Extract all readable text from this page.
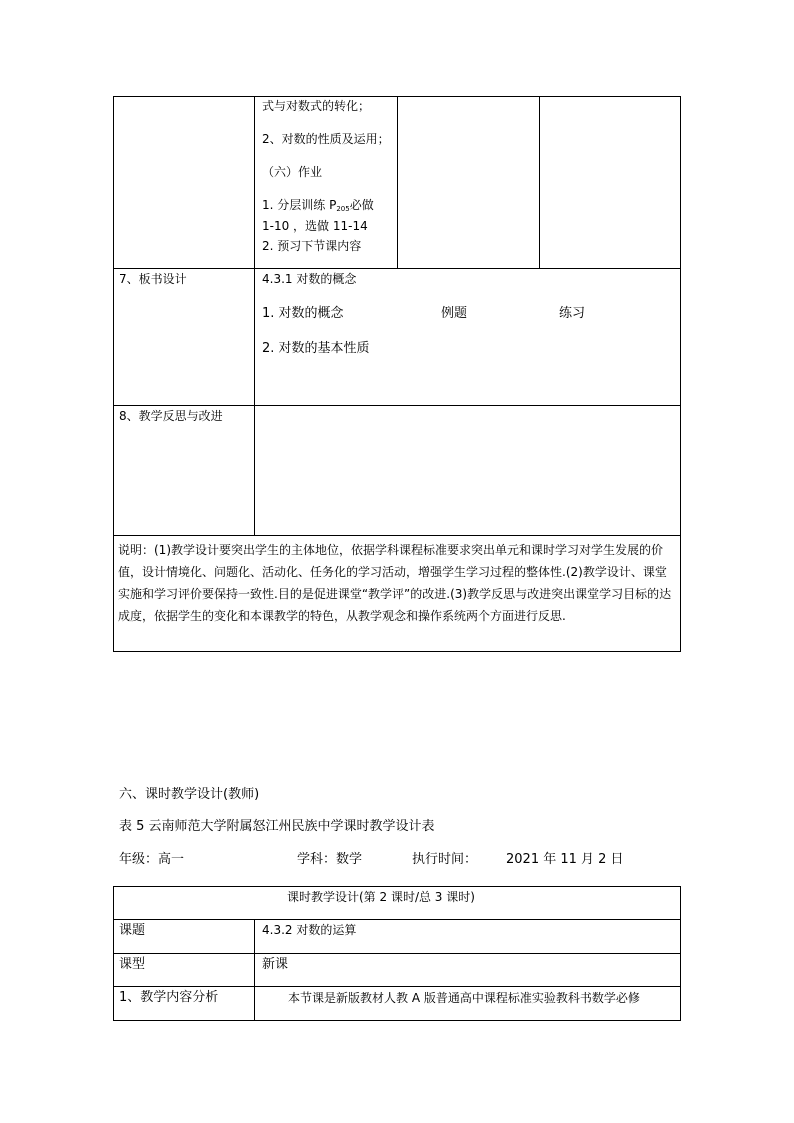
式与对数式的转化；
2、对数的性质及运用；
（六）作业
1. 分层训练 $P_{205}$必做
1-10 ，选做 11-14
2. 预习下节课内容
7、板书设计	4.3.1 对数的概念
1. 对数的概念	例题	练习
2. 对数的基本性质
8、教学反思与改进
说明：(1)教学设计要突出学生的主体地位，依据学科课程标准要求突出单元和课时学习对学生发展的价值，设计情境化、问题化、活动化、任务化的学习活动，增强学生学习过程的整体性.(2)教学设计、课堂实施和学习评价要保持一致性.目的是促进课堂“教学评”的改进.(3)教学反思与改进突出课堂学习目标的达成度，依据学生的变化和本课教学的特色，从教学观念和操作系统两个方面进行反思.
六、课时教学设计(教师)
表 5 云南师范大学附属怒江州民族中学课时教学设计表
年级：高一	学科：数学	执行时间： 2021 年 11 月 2 日
课时教学设计(第 2 课时/总 3 课时)
课题	4.3.2 对数的运算
课型	新课
1、教学内容分析	本节课是新版教材人教 A 版普通高中课程标准实验教科书数学必修
